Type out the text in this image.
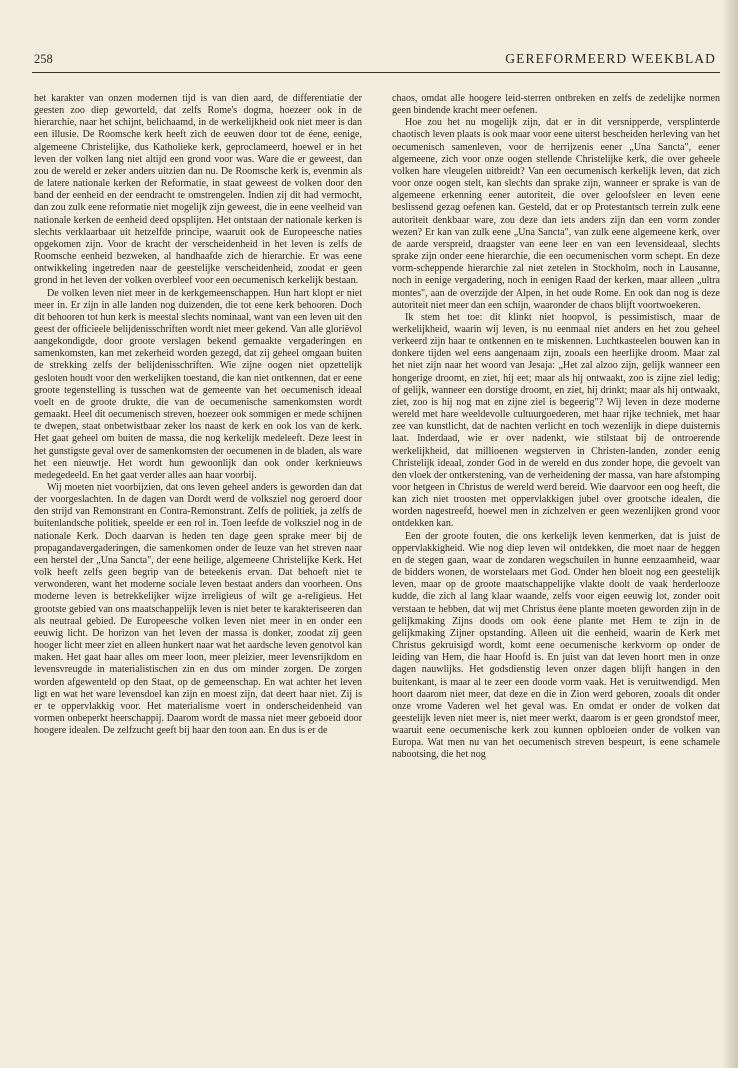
258	GEREFORMEERD WEEKBLAD

het karakter van onzen modernen tijd is van dien aard, de differentiatie der geesten zoo diep geworteld, dat zelfs Rome's dogma, hoezeer ook in de hierarchie, naar het schijnt, belichaamd, in de werkelijkheid ook niet meer is dan een illusie. De Roomsche kerk heeft zich de eeuwen door tot de éene, eenige, algemeene Christelijke, dus Katholieke kerk, geproclameerd, hoewel er in het leven der volken lang niet altijd een grond voor was. Ware die er geweest, dan zou de wereld er zeker anders uitzien dan nu. De Roomsche kerk is, evenmin als de latere nationale kerken der Reformatie, in staat geweest de volken door den band der eenheid en der eendracht te omstrengelen. Indien zij dit had vermocht, dan zou zulk eene reformatie niet mogelijk zijn geweest, die in eene veelheid van nationale kerken de eenheid deed opsplijten. Het ontstaan der nationale kerken is slechts verklaarbaar uit hetzelfde principe, waaruit ook de Europeesche naties opgekomen zijn. Voor de kracht der verscheidenheid in het leven is zelfs de Roomsche eenheid bezweken, al handhaafde zich de hierarchie. Er was eene ontwikkeling ingetreden naar de geestelijke verscheidenheid, zoodat er geen grond in het leven der volken overbleef voor een oecumenisch kerkelijk bestaan.

De volken leven niet meer in de kerkgemeenschappen. Hun hart klopt er niet meer in. Er zijn in alle landen nog duizenden, die tot eene kerk behooren. Doch dit behooren tot hun kerk is meestal slechts nominaal, want van een leven uit den geest der officieele belijdenisschriften wordt niet meer gekend. Van alle gloriëvol aangekondigde, door groote verslagen bekend gemaakte vergaderingen en samenkomsten, kan met zekerheid worden gezegd, dat zij geheel omgaan buiten de strekking zelfs der belijdenisschriften. Wie zijne oogen niet opzettelijk gesloten houdt voor den werkelijken toestand, die kan niet ontkennen, dat er eene groote tegenstelling is tusschen wat de gemeente van het oecumenisch ideaal voelt en de groote drukte, die van de oecumenische samenkomsten wordt gemaakt. Heel dit oecumenisch streven, hoezeer ook sommigen er mede schijnen te dwepen, staat onbetwistbaar zeker los naast de kerk en ook los van de kerk. Het gaat geheel om buiten de massa, die nog kerkelijk medeleeft. Deze leest in het gunstigste geval over de samenkomsten der oecumenen in de bladen, als ware het een nieuwtje. Het wordt hun gewoonlijk dan ook onder kerknieuws medegedeeld. En het gaat verder alles aan haar voorbij.

Wij moeten niet voorbijzien, dat ons leven geheel anders is geworden dan dat der voorgeslachten. In de dagen van Dordt werd de volksziel nog geroerd door den strijd van Remonstrant en Contra-Remonstrant. Zelfs de politiek, ja zelfs de buitenlandsche politiek, speelde er een rol in. Toen leefde de volksziel nog in de nationale Kerk. Doch daarvan is heden ten dage geen sprake meer bij de propagandavergaderingen, die samenkomen onder de leuze van het streven naar een herstel der „Una Sancta", der eene heilige, algemeene Christelijke Kerk. Het volk heeft zelfs geen begrip van de beteekenis ervan. Dat behoeft niet te verwonderen, want het moderne sociale leven bestaat anders dan voorheen. Ons moderne leven is betrekkelijker wijze irreligieus of wilt ge a-religieus. Het grootste gebied van ons maatschappelijk leven is niet beter te karakteriseeren dan als neutraal gebied. De Europeesche volken leven niet meer in en onder een eeuwig licht. De horizon van het leven der massa is donker, zoodat zij geen hooger licht meer ziet en alleen hunkert naar wat het aardsche leven genotvol kan maken. Het gaat haar alles om meer loon, meer pleizier, meer levensrijkdom en levensvreugde in materialistischen zin en dus om minder zorgen. De zorgen worden afgewenteld op den Staat, op de gemeenschap. En wat achter het leven ligt en wat het ware levensdoel kan zijn en moest zijn, dat deert haar niet. Zij is er te oppervlakkig voor. Het materialisme voert in onderscheidenheid van vormen onbeperkt heerschappij. Daarom wordt de massa niet meer geboeid door hoogere idealen. De zelfzucht geeft bij haar den toon aan. En dus is er de

chaos, omdat alle hoogere leid-sterren ontbreken en zelfs de zedelijke normen geen bindende kracht meer oefenen.

Hoe zou het nu mogelijk zijn, dat er in dit versnipperde, versplinterde chaotisch leven plaats is ook maar voor eene uiterst bescheiden herleving van het oecumenisch samenleven, voor de herrijzenis eener „Una Sancta", eener algemeene, zich voor onze oogen stellende Christelijke kerk, die over geheele volken hare vleugelen uitbreidt? Van een oecumenisch kerkelijk leven, dat zich voor onze oogen stelt, kan slechts dan sprake zijn, wanneer er sprake is van de algemeene erkenning eener autoriteit, die over geloofsleer en leven eene beslissend gezag oefenen kan. Gesteld, dat er op Protestantsch terrein zulk eene autoriteit denkbaar ware, zou deze dan iets anders zijn dan een vorm zonder wezen? Er kan van zulk eene „Una Sancta", van zulk eene algemeene kerk, over de aarde verspreid, draagster van eene leer en van een levensideaal, slechts sprake zijn onder eene hierarchie, die een oecumenischen vorm schept. En deze vorm-scheppende hierarchie zal niet zetelen in Stockholm, noch in Lausanne, noch in eenige vergadering, noch in eenigen Raad der kerken, maar alleen „ultra montes", aan de overzijde der Alpen, in het oude Rome. En ook dan nog is deze autoriteit niet meer dan een schijn, waaronder de chaos blijft voortwoekeren.

Ik stem het toe: dit klinkt niet hoopvol, is pessimistisch, maar de werkelijkheid, waarin wij leven, is nu eenmaal niet anders en het zou geheel verkeerd zijn haar te ontkennen en te miskennen. Luchtkasteelen bouwen kan in donkere tijden wel eens aangenaam zijn, zooals een heerlijke droom. Maar zal het niet zijn naar het woord van Jesaja: „Het zal alzoo zijn, gelijk wanneer een hongerige droomt, en ziet, hij eet; maar als hij ontwaakt, zoo is zijne ziel ledig; of gelijk, wanneer een dorstige droomt, en ziet, hij drinkt; maar als hij ontwaakt, ziet, zoo is hij nog mat en zijne ziel is begeerig"? Wij leven in deze moderne wereld met hare weeldevolle cultuurgoederen, met haar rijke techniek, met haar zee van kunstlicht, dat de nachten verlicht en toch wezenlijk in diepe duisternis laat. Inderdaad, wie er over nadenkt, wie stilstaat bij de ontroerende werkelijkheid, dat millioenen wegsterven in Christen-landen, zonder eenig Christelijk ideaal, zonder God in de wereld en dus zonder hope, die gevoelt van den vloek der ontkerstening, van de verheidening der massa, van hare afstomping voor hetgeen in Christus de wereld werd bereid. Wie daarvoor een oog heeft, die kan zich niet troosten met oppervlakkigen jubel over grootsche idealen, die worden nagestreefd, hoewel men in zichzelven er geen wezenlijken grond voor ontdekken kan.

Een der groote fouten, die ons kerkelijk leven kenmerken, dat is juist de oppervlakkigheid. Wie nog diep leven wil ontdekken, die moet naar de heggen en de stegen gaan, waar de zondaren wegschuilen in hunne eenzaamheid, waar de bidders wonen, de worstelaars met God. Onder hen bloeit nog een geestelijk leven, maar op de groote maatschappelijke vlakte doolt de vaak herderlooze kudde, die zich al lang klaar waande, zelfs voor eigen eeuwig lot, zonder ooit verstaan te hebben, dat wij met Christus éene plante moeten geworden zijn in de gelijkmaking Zijns doods om ook éene plante met Hem te zijn in de gelijkmaking Zijner opstanding. Alleen uit die eenheid, waarin de Kerk met Christus gekruisigd wordt, komt eene oecumenische kerkvorm op onder de leiding van Hem, die haar Hoofd is. En juist van dat leven hoort men in onze dagen nauwlijks. Het godsdienstig leven onzer dagen blijft hangen in den buitenkant, is maar al te zeer een doode vorm vaak. Het is veruitwendigd. Men hoort daarom niet meer, dat deze en die in Zion werd geboren, zooals dit onder onze vrome Vaderen wel het geval was. En omdat er onder de volken dat geestelijk leven niet meer is, niet meer werkt, daarom is er geen grondstof meer, waaruit eene oecumenische kerk zou kunnen opbloeien onder de volken van Europa. Wat men nu van het oecumenisch streven bespeurt, is eene schamele nabootsing, die het nog
